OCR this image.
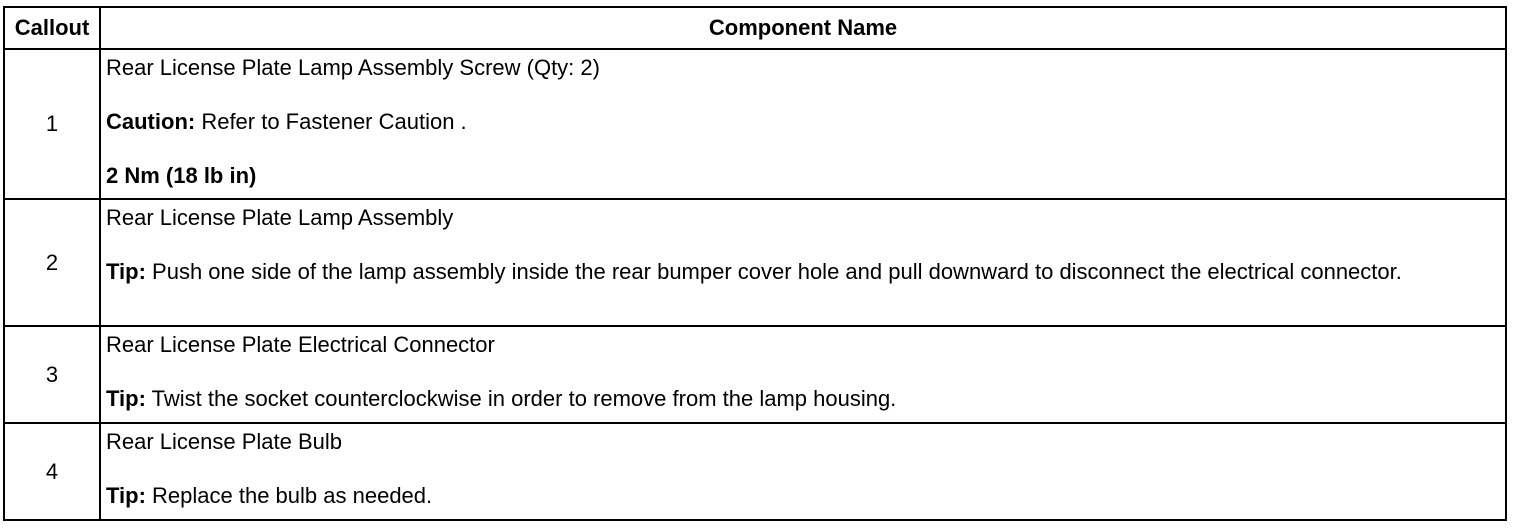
Callout	Component Name
1	Rear License Plate Lamp Assembly Screw (Qty: 2)

Caution: Refer to Fastener Caution .

2 Nm (18 lb in)

2	Rear License Plate Lamp Assembly

Tip: Push one side of the lamp assembly inside the rear bumper cover hole and pull downward to disconnect the electrical connector.

3	Rear License Plate Electrical Connector

Tip: Twist the socket counterclockwise in order to remove from the lamp housing.

4	Rear License Plate Bulb

Tip: Replace the bulb as needed.
